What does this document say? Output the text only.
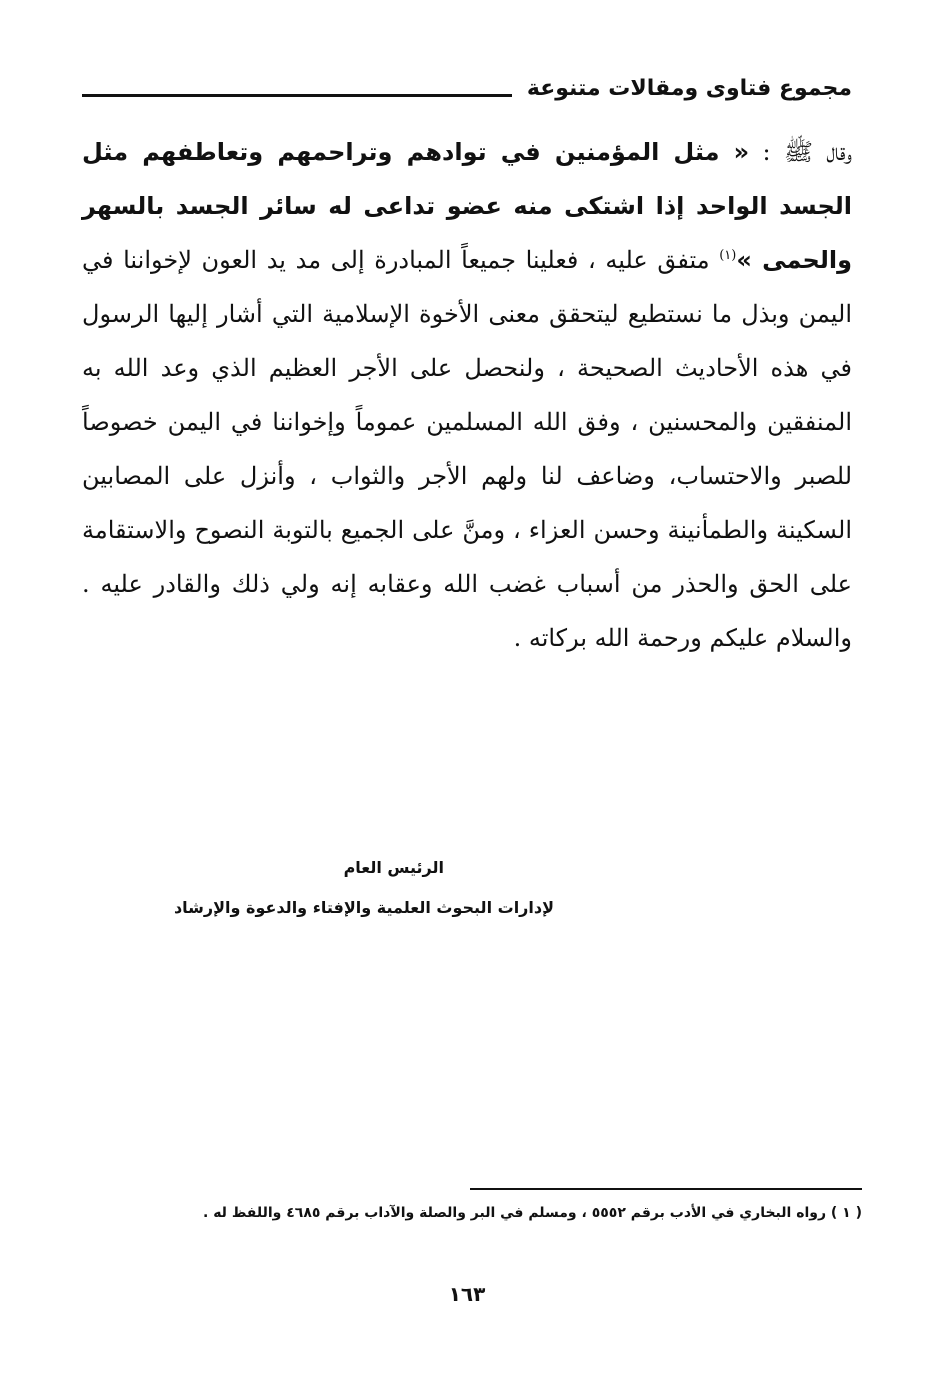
مجموع فتاوى ومقالات متنوعة
وقال ﷺ : « مثل المؤمنين في توادهم وتراحمهم وتعاطفهم مثل الجسد الواحد إذا اشتكى منه عضو تداعى له سائر الجسد بالسهر والحمى »$^{(١)}$ متفق عليه ، فعلينا جميعاً المبادرة إلى مد يد العون لإخواننا في اليمن وبذل ما نستطيع ليتحقق معنى الأخوة الإسلامية التي أشار إليها الرسول في هذه الأحاديث الصحيحة ، ولنحصل على الأجر العظيم الذي وعد الله به المنفقين والمحسنين ، وفق الله المسلمين عموماً وإخواننا في اليمن خصوصاً للصبر والاحتساب، وضاعف لنا ولهم الأجر والثواب ، وأنزل على المصابين السكينة والطمأنينة وحسن العزاء ، ومنَّ على الجميع بالتوبة النصوح والاستقامة على الحق والحذر من أسباب غضب الله وعقابه إنه ولي ذلك والقادر عليه . والسلام عليكم ورحمة الله بركاته .
الرئيس العام
لإدارات البحوث العلمية والإفتاء والدعوة والإرشاد
( ١ ) رواه البخاري في الأدب برقم ٥٥٥٢ ، ومسلم في البر والصلة والآداب برقم ٤٦٨٥ واللفظ له .
١٦٣
